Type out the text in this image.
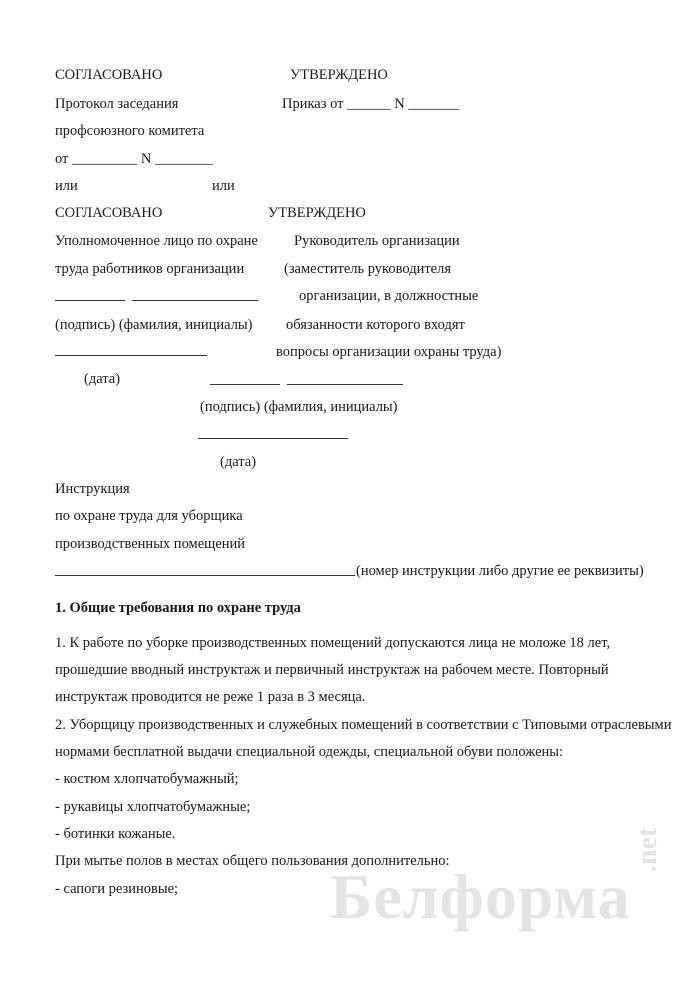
СОГЛАСОВАНО	УТВЕРЖДЕНО
Протокол заседания	Приказ от ______ N _______
профсоюзного комитета
от _________ N ________
или	или
СОГЛАСОВАНО	УТВЕРЖДЕНО
Уполномоченное лицо по охране Руководитель организации
труда работников организации	(заместитель руководителя
организации, в должностные
(подпись) (фамилия, инициалы) обязанности которого входят
вопросы организации охраны труда)
(дата)
(подпись) (фамилия, инициалы)
(дата)
Инструкция
по охране труда для уборщика
производственных помещений
(номер инструкции либо другие ее реквизиты)
1. Общие требования по охране труда
1. К работе по уборке производственных помещений допускаются лица не моложе 18 лет,
прошедшие вводный инструктаж и первичный инструктаж на рабочем месте. Повторный
инструктаж проводится не реже 1 раза в 3 месяца.
2. Уборщицу производственных и служебных помещений в соответствии с Типовыми отраслевыми
нормами бесплатной выдачи специальной одежды, специальной обуви положены:
- костюм хлопчатобумажный;
- рукавицы хлопчатобумажные;
- ботинки кожаные.
При мытье полов в местах общего пользования дополнительно:
- сапоги резиновые; Белформа
.net
